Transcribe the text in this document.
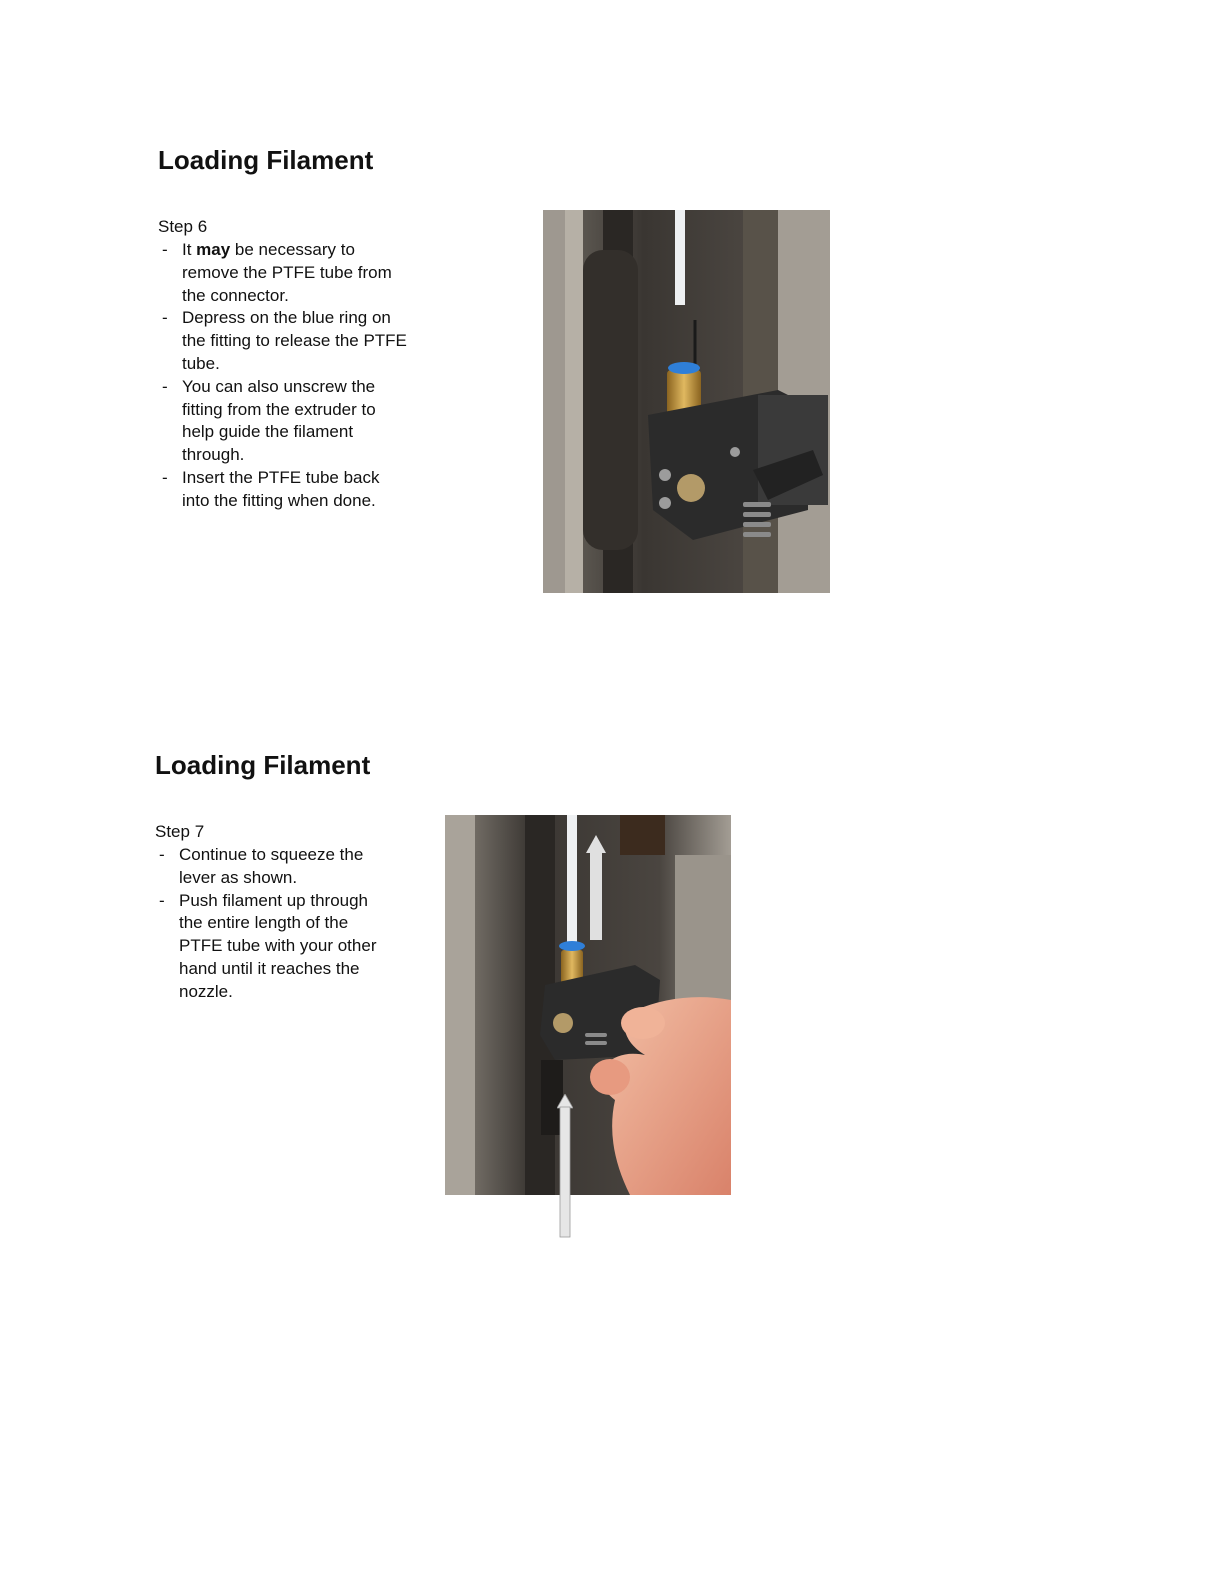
Loading Filament

Step 6

- It may be necessary to remove the PTFE tube from the connector.
- Depress on the blue ring on the fitting to release the PTFE tube.
- You can also unscrew the fitting from the extruder to help guide the filament through.
- Insert the PTFE tube back into the fitting when done.
Loading Filament

Step 7

- Continue to squeeze the lever as shown.
- Push filament up through the entire length of the PTFE tube with your other hand until it reaches the nozzle.
